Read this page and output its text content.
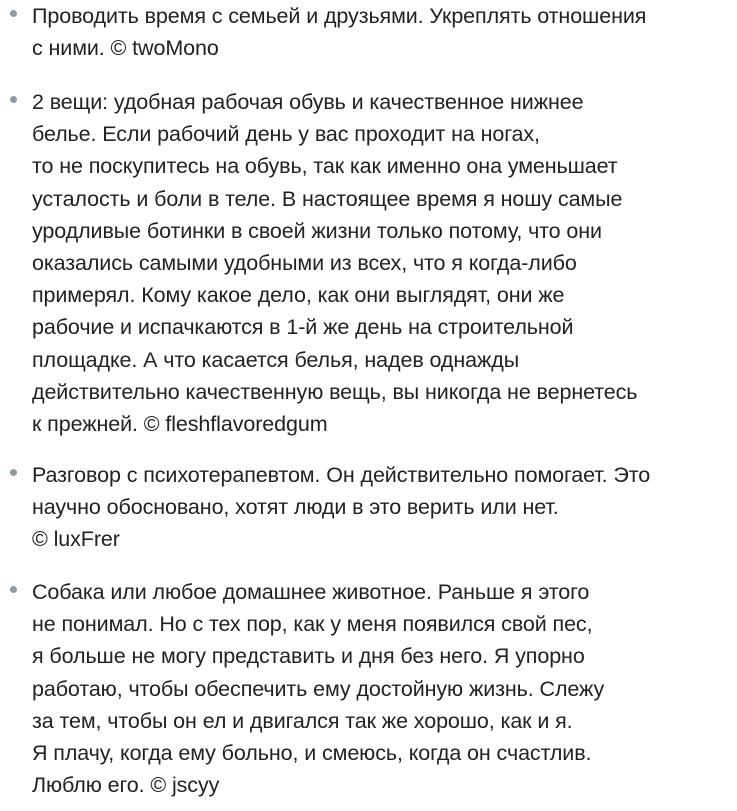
Проводить время с семьей и друзьями. Укреплять отношения
с ними. © twoMono
2 вещи: удобная рабочая обувь и качественное нижнее
белье. Если рабочий день у вас проходит на ногах,
то не поскупитесь на обувь, так как именно она уменьшает
усталость и боли в теле. В настоящее время я ношу самые
уродливые ботинки в своей жизни только потому, что они
оказались самыми удобными из всех, что я когда-либо
примерял. Кому какое дело, как они выглядят, они же
рабочие и испачкаются в 1-й же день на строительной
площадке. А что касается белья, надев однажды
действительно качественную вещь, вы никогда не вернетесь
к прежней. © fleshflavoredgum
Разговор с психотерапевтом. Он действительно помогает. Это
научно обосновано, хотят люди в это верить или нет.
© luxFrer
Собака или любое домашнее животное. Раньше я этого
не понимал. Но с тех пор, как у меня появился свой пес,
я больше не могу представить и дня без него. Я упорно
работаю, чтобы обеспечить ему достойную жизнь. Слежу
за тем, чтобы он ел и двигался так же хорошо, как и я.
Я плачу, когда ему больно, и смеюсь, когда он счастлив.
Люблю его. © jscyy
